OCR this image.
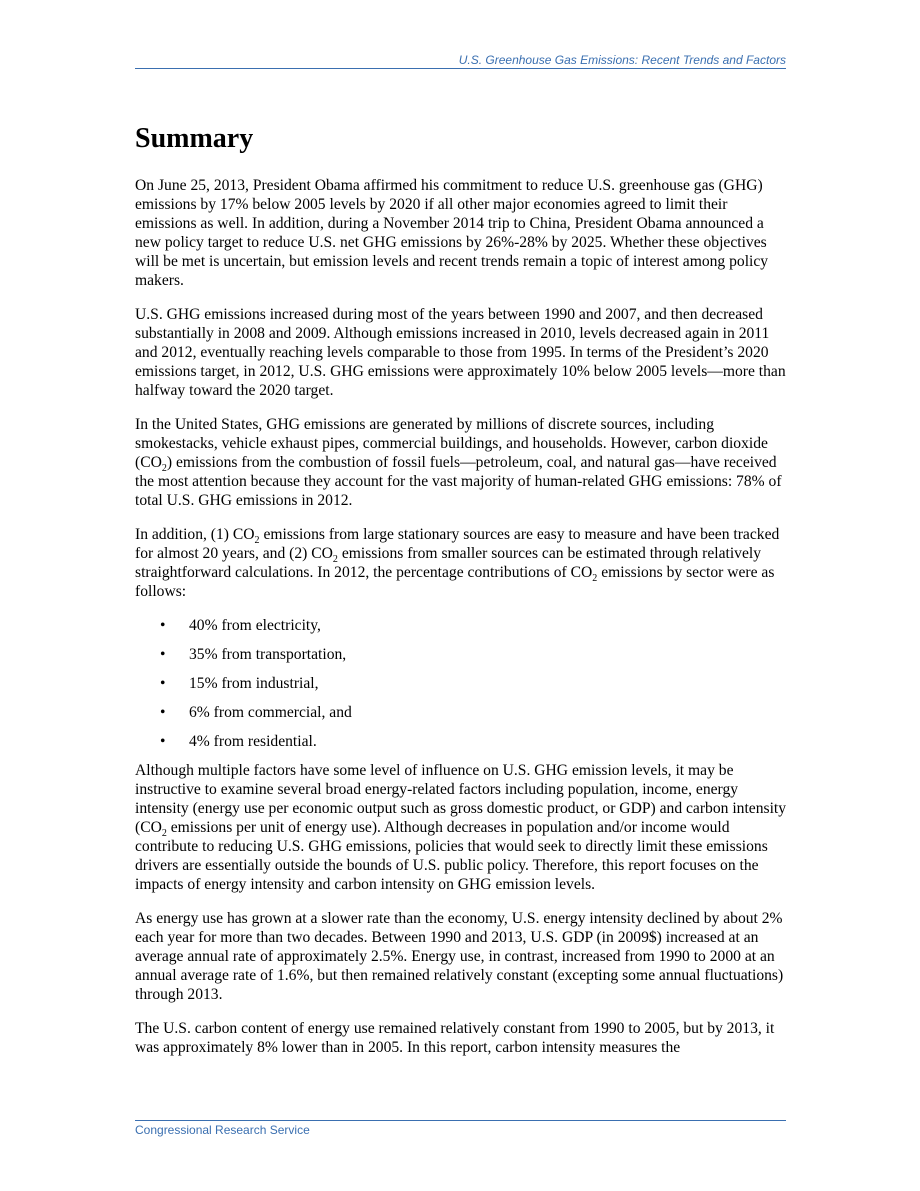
U.S. Greenhouse Gas Emissions: Recent Trends and Factors
Summary

On June 25, 2013, President Obama affirmed his commitment to reduce U.S. greenhouse gas (GHG) emissions by 17% below 2005 levels by 2020 if all other major economies agreed to limit their emissions as well. In addition, during a November 2014 trip to China, President Obama announced a new policy target to reduce U.S. net GHG emissions by 26%-28% by 2025. Whether these objectives will be met is uncertain, but emission levels and recent trends remain a topic of interest among policy makers.

U.S. GHG emissions increased during most of the years between 1990 and 2007, and then decreased substantially in 2008 and 2009. Although emissions increased in 2010, levels decreased again in 2011 and 2012, eventually reaching levels comparable to those from 1995. In terms of the President’s 2020 emissions target, in 2012, U.S. GHG emissions were approximately 10% below 2005 levels—more than halfway toward the 2020 target.

In the United States, GHG emissions are generated by millions of discrete sources, including smokestacks, vehicle exhaust pipes, commercial buildings, and households. However, carbon dioxide $(CO_2)$ emissions from the combustion of fossil fuels—petroleum, coal, and natural gas—have received the most attention because they account for the vast majority of human-related GHG emissions: 78% of total U.S. GHG emissions in 2012.

In addition, (1) $CO_2$ emissions from large stationary sources are easy to measure and have been tracked for almost 20 years, and (2) $CO_2$ emissions from smaller sources can be estimated through relatively straightforward calculations. In 2012, the percentage contributions of $CO_2$ emissions by sector were as follows:

• 40% from electricity,
• 35% from transportation,
• 15% from industrial,
• 6% from commercial, and
• 4% from residential.

Although multiple factors have some level of influence on U.S. GHG emission levels, it may be instructive to examine several broad energy-related factors including population, income, energy intensity (energy use per economic output such as gross domestic product, or GDP) and carbon intensity ($CO_2$ emissions per unit of energy use). Although decreases in population and/or income would contribute to reducing U.S. GHG emissions, policies that would seek to directly limit these emissions drivers are essentially outside the bounds of U.S. public policy. Therefore, this report focuses on the impacts of energy intensity and carbon intensity on GHG emission levels.

As energy use has grown at a slower rate than the economy, U.S. energy intensity declined by about 2% each year for more than two decades. Between 1990 and 2013, U.S. GDP (in 2009$) increased at an average annual rate of approximately 2.5%. Energy use, in contrast, increased from 1990 to 2000 at an annual average rate of 1.6%, but then remained relatively constant (excepting some annual fluctuations) through 2013.

The U.S. carbon content of energy use remained relatively constant from 1990 to 2005, but by 2013, it was approximately 8% lower than in 2005. In this report, carbon intensity measures the

Congressional Research Service
